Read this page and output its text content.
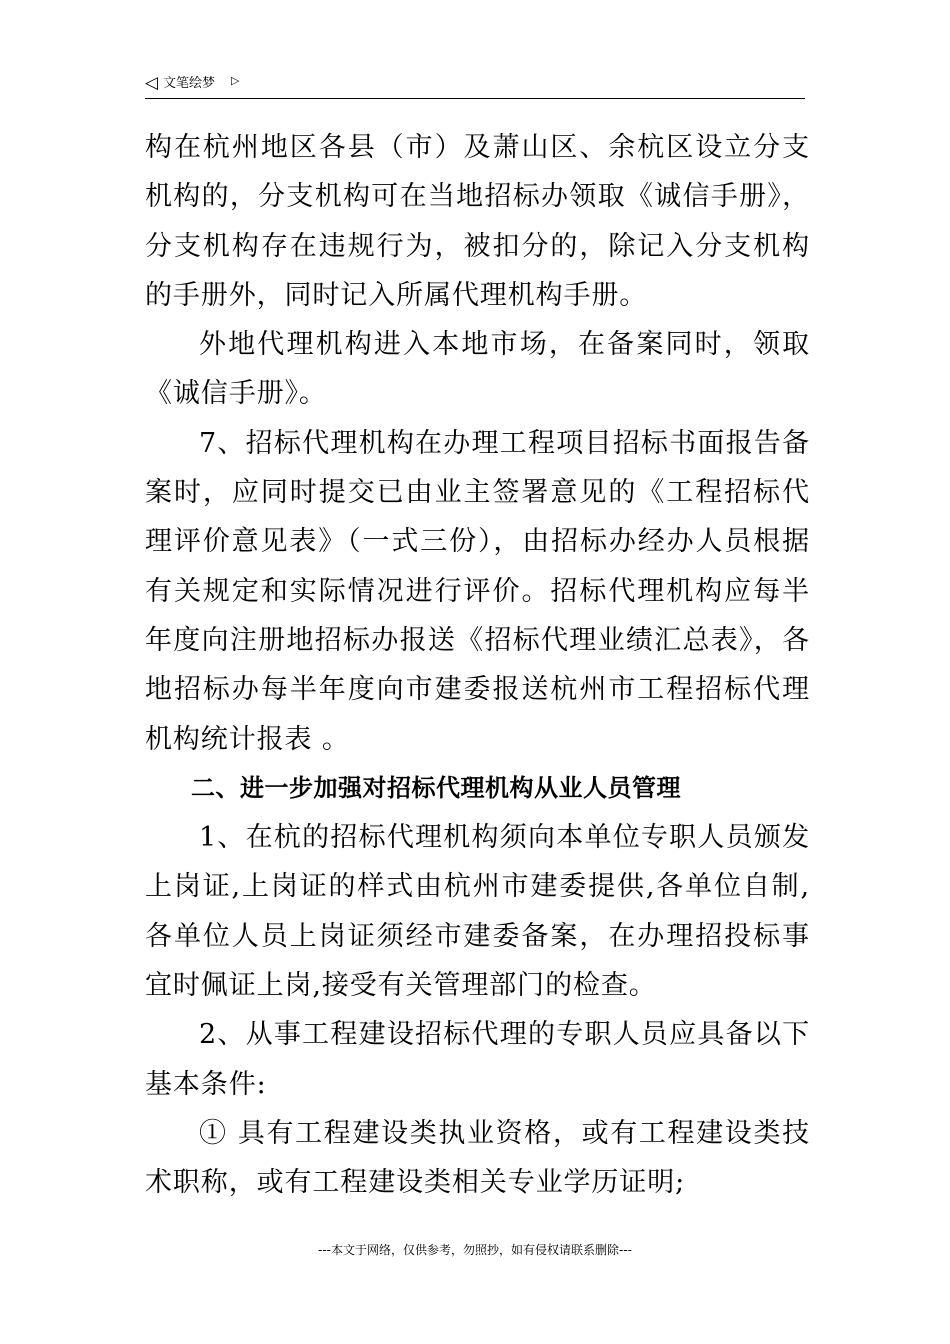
◁ 文笔绘梦 ▷

构在杭州地区各县（市）及萧山区、余杭区设立分支机构的，分支机构可在当地招标办领取《诚信手册》，分支机构存在违规行为，被扣分的，除记入分支机构的手册外，同时记入所属代理机构手册。

外地代理机构进入本地市场，在备案同时，领取《诚信手册》。

7、招标代理机构在办理工程项目招标书面报告备案时，应同时提交已由业主签署意见的《工程招标代理评价意见表》（一式三份），由招标办经办人员根据有关规定和实际情况进行评价。招标代理机构应每半年度向注册地招标办报送《招标代理业绩汇总表》，各地招标办每半年度向市建委报送杭州市工程招标代理机构统计报表 。

二、进一步加强对招标代理机构从业人员管理

1、在杭的招标代理机构须向本单位专职人员颁发上岗证,上岗证的样式由杭州市建委提供,各单位自制,各单位人员上岗证须经市建委备案，在办理招投标事宜时佩证上岗,接受有关管理部门的检查。

2、从事工程建设招标代理的专职人员应具备以下基本条件:

① 具有工程建设类执业资格，或有工程建设类技术职称，或有工程建设类相关专业学历证明;

---本文于网络，仅供参考，勿照抄，如有侵权请联系删除---
